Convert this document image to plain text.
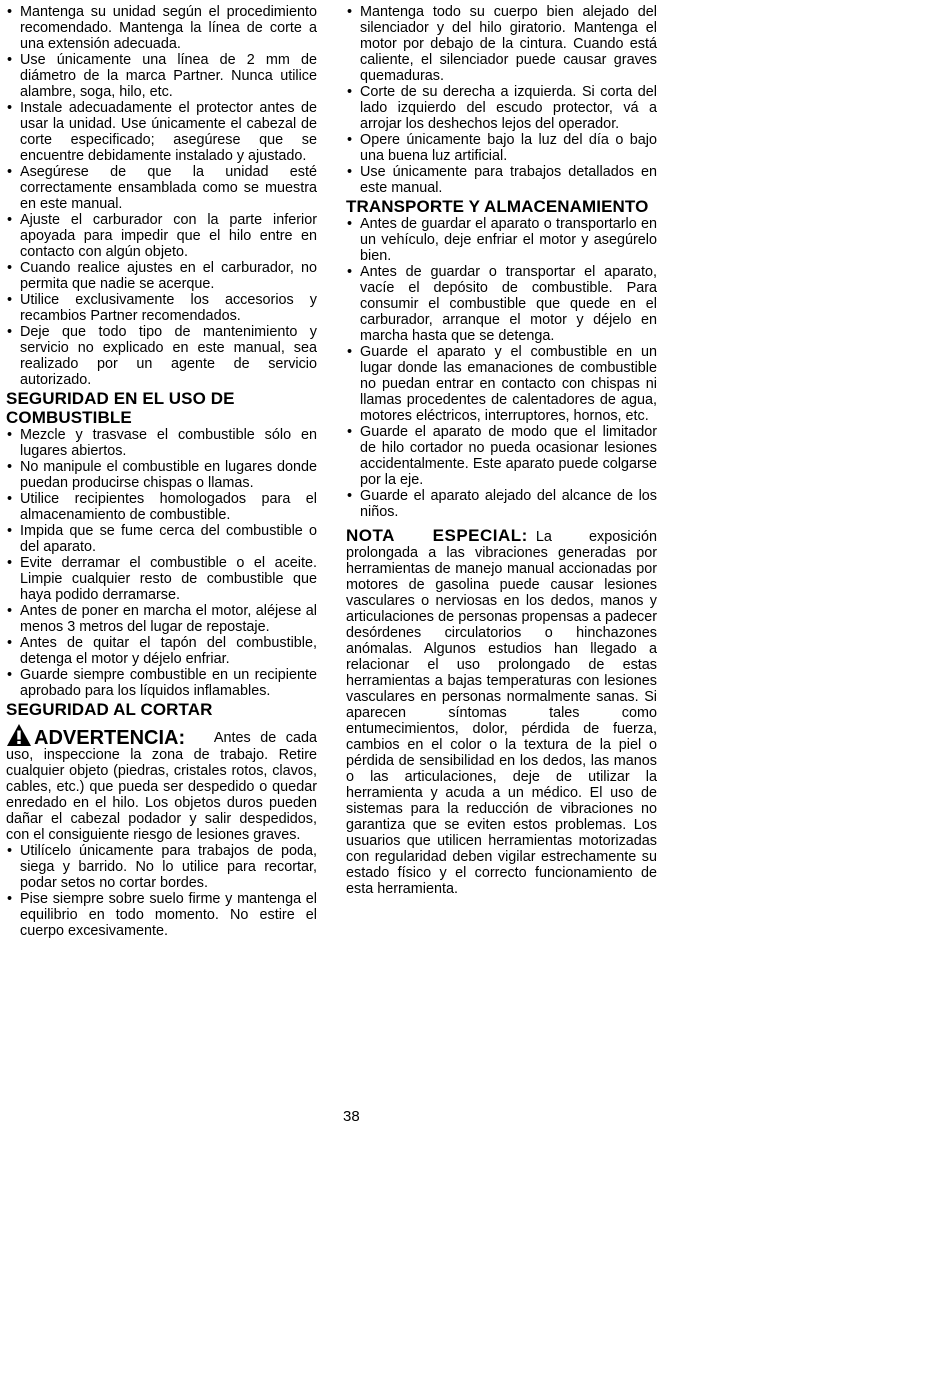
• Mantenga su unidad según el procedimiento recomendado. Mantenga la línea de corte a una extensión adecuada.
• Use únicamente una línea de 2 mm de diámetro de la marca Partner. Nunca utilice alambre, soga, hilo, etc.
• Instale adecuadamente el protector antes de usar la unidad. Use únicamente el cabezal de corte especificado; asegúrese que se encuentre debidamente instalado y ajustado.
• Asegúrese de que la unidad esté correctamente ensamblada como se muestra en este manual.
• Ajuste el carburador con la parte inferior apoyada para impedir que el hilo entre en contacto con algún objeto.
• Cuando realice ajustes en el carburador, no permita que nadie se acerque.
• Utilice exclusivamente los accesorios y recambios Partner recomendados.
• Deje que todo tipo de mantenimiento y servicio no explicado en este manual, sea realizado por un agente de servicio autorizado.
SEGURIDAD EN EL USO DE COMBUSTIBLE
• Mezcle y trasvase el combustible sólo en lugares abiertos.
• No manipule el combustible en lugares donde puedan producirse chispas o llamas.
• Utilice recipientes homologados para el almacenamiento de combustible.
• Impida que se fume cerca del combustible o del aparato.
• Evite derramar el combustible o el aceite. Limpie cualquier resto de combustible que haya podido derramarse.
• Antes de poner en marcha el motor, aléjese al menos 3 metros del lugar de repostaje.
• Antes de quitar el tapón del combustible, detenga el motor y déjelo enfriar.
• Guarde siempre combustible en un recipiente aprobado para los líquidos inflamables.
SEGURIDAD AL CORTAR

ADVERTENCIA: Antes de cada uso, inspeccione la zona de trabajo. Retire cualquier objeto (piedras, cristales rotos, clavos, cables, etc.) que pueda ser despedido o quedar enredado en el hilo. Los objetos duros pueden dañar el cabezal podador y salir despedidos, con el consiguiente riesgo de lesiones graves.

• Utilícelo únicamente para trabajos de poda, siega y barrido. No lo utilice para recortar, podar setos no cortar bordes.
• Pise siempre sobre suelo firme y mantenga el equilibrio en todo momento. No estire el cuerpo excesivamente.
• Mantenga todo su cuerpo bien alejado del silenciador y del hilo giratorio. Mantenga el motor por debajo de la cintura. Cuando está caliente, el silenciador puede causar graves quemaduras.
• Corte de su derecha a izquierda. Si corta del lado izquierdo del escudo protector, vá a arrojar los deshechos lejos del operador.
• Opere únicamente bajo la luz del día o bajo una buena luz artificial.
• Use únicamente para trabajos detallados en este manual.
TRANSPORTE Y ALMACENAMIENTO
• Antes de guardar el aparato o transportarlo en un vehículo, deje enfriar el motor y asegúrelo bien.
• Antes de guardar o transportar el aparato, vacíe el depósito de combustible. Para consumir el combustible que quede en el carburador, arranque el motor y déjelo en marcha hasta que se detenga.
• Guarde el aparato y el combustible en un lugar donde las emanaciones de combustible no puedan entrar en contacto con chispas ni llamas procedentes de calentadores de agua, motores eléctricos, interruptores, hornos, etc.
• Guarde el aparato de modo que el limitador de hilo cortador no pueda ocasionar lesiones accidentalmente. Este aparato puede colgarse por la eje.
• Guarde el aparato alejado del alcance de los niños.

NOTA ESPECIAL: La exposición prolongada a las vibraciones generadas por herramientas de manejo manual accionadas por motores de gasolina puede causar lesiones vasculares o nerviosas en los dedos, manos y articulaciones de personas propensas a padecer desórdenes circulatorios o hinchazones anómalas. Algunos estudios han llegado a relacionar el uso prolongado de estas herramientas a bajas temperaturas con lesiones vasculares en personas normalmente sanas. Si aparecen síntomas tales como entumecimientos, dolor, pérdida de fuerza, cambios en el color o la textura de la piel o pérdida de sensibilidad en los dedos, las manos o las articulaciones, deje de utilizar la herramienta y acuda a un médico. El uso de sistemas para la reducción de vibraciones no garantiza que se eviten estos problemas. Los usuarios que utilicen herramientas motorizadas con regularidad deben vigilar estrechamente su estado físico y el correcto funcionamiento de esta herramienta.

38
